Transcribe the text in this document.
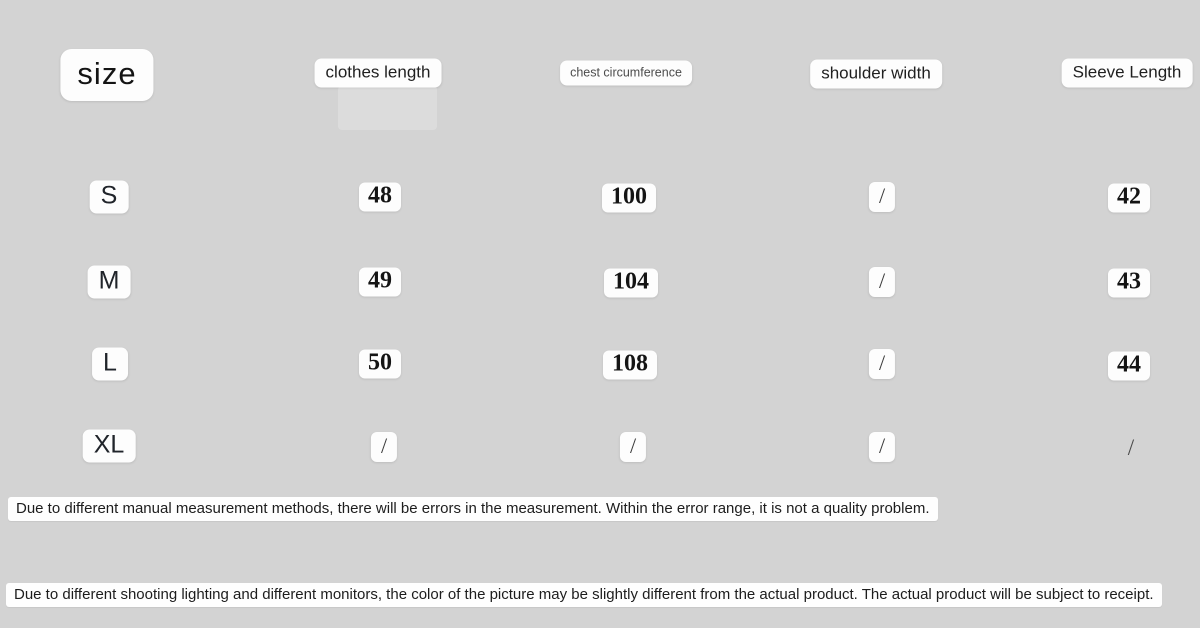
size	clothes length	chest circumference	shoulder width	Sleeve Length
S	48	100	/	42
M	49	104	/	43
L	50	108	/	44
XL	/	/	/	/
Due to different manual measurement methods, there will be errors in the measurement. Within the error range, it is not a quality problem.
Due to different shooting lighting and different monitors, the color of the picture may be slightly different from the actual product. The actual product will be subject to receipt.
